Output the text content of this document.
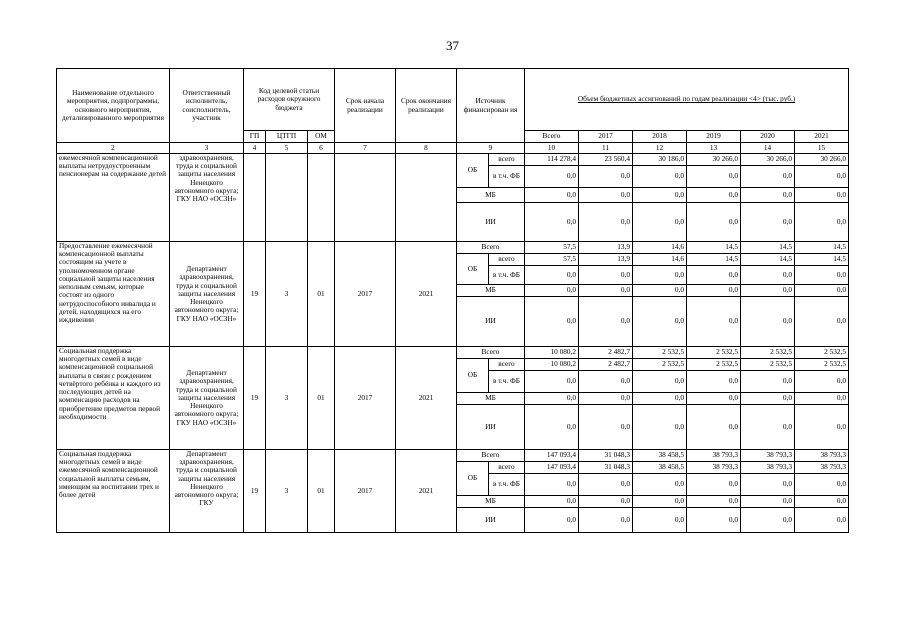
37
Наименование отдельного мероприятия, подпрограммы, основного мероприятия, детализированного мероприятия	Ответственный исполнитель, соисполнитель, участник	Код целевой статьи расходов окружного бюджета			Срок начала реализации	Срок окончания реализации	Источник финансирован ия		Объем бюджетных ассигнований по годам реализации <4> (тыс. руб.)					
		ГП	ЦТГП	ОМ					Всего	2017	2018	2019	2020	2021
2	3	4	5	6	7	8	9		10	11	12	13	14	15
ежемесячной компенсационной выплаты нетрудоустроенным пенсионерам на содержание детей	здравоохранения, труда и социальной защиты населения Ненецкого автономного округа; ГКУ НАО «ОСЗН»						ОБ	всего	114 278,4	23 560,4	30 186,0	30 266,0	30 266,0	30 266,0
								в т.ч. ФБ	0,0	0,0	0,0	0,0	0,0	0,0
							МБ		0,0	0,0	0,0	0,0	0,0	0,0
							ИИ		0,0	0,0	0,0	0,0	0,0	0,0
Предоставление ежемесячной компенсационной выплаты состоящим на учете в уполномоченном органе социальной защиты населения неполным семьям, которые состоят из одного нетрудоспособного инвалида и детей, находящихся на его иждивении	Департамент здравоохранения, труда и социальной защиты населения Ненецкого автономного округа; ГКУ НАО «ОСЗН»	19	3	01	2017	2021	Всего		57,5	13,9	14,6	14,5	14,5	14,5
							ОБ	всего	57,5	13,9	14,6	14,5	14,5	14,5
								в т.ч. ФБ	0,0	0,0	0,0	0,0	0,0	0,0
							МБ		0,0	0,0	0,0	0,0	0,0	0,0
							ИИ		0,0	0,0	0,0	0,0	0,0	0,0
Социальная поддержка многодетных семей в виде компенсационной социальной выплаты в связи с рождением четвёртого ребёнка и каждого из последующих детей на компенсацию расходов на приобретение предметов первой необходимости	Департамент здравоохранения, труда и социальной защиты населения Ненецкого автономного округа; ГКУ НАО «ОСЗН»	19	3	01	2017	2021	Всего		10 080,2	2 482,7	2 532,5	2 532,5	2 532,5	2 532,5
							ОБ	всего	10 080,2	2 482,7	2 532,5	2 532,5	2 532,5	2 532,5
								в т.ч. ФБ	0,0	0,0	0,0	0,0	0,0	0,0
							МБ		0,0	0,0	0,0	0,0	0,0	0,0
							ИИ		0,0	0,0	0,0	0,0	0,0	0,0
Социальная поддержка многодетных семей в виде ежемесячной компенсационной социальной выплаты семьям, имеющим на воспитании трех и более детей	Департамент здравоохранения, труда и социальной защиты населения Ненецкого автономного округа; ГКУ	19	3	01	2017	2021	Всего		147 093,4	31 048,3	38 458,5	38 793,3	38 793,3	38 793,3
							ОБ	всего	147 093,4	31 048,3	38 458,5	38 793,3	38 793,3	38 793,3
								в т.ч. ФБ	0,0	0,0	0,0	0,0	0,0	0,0
							МБ		0,0	0,0	0,0	0,0	0,0	0,0
							ИИ		0,0	0,0	0,0	0,0	0,0	0,0
